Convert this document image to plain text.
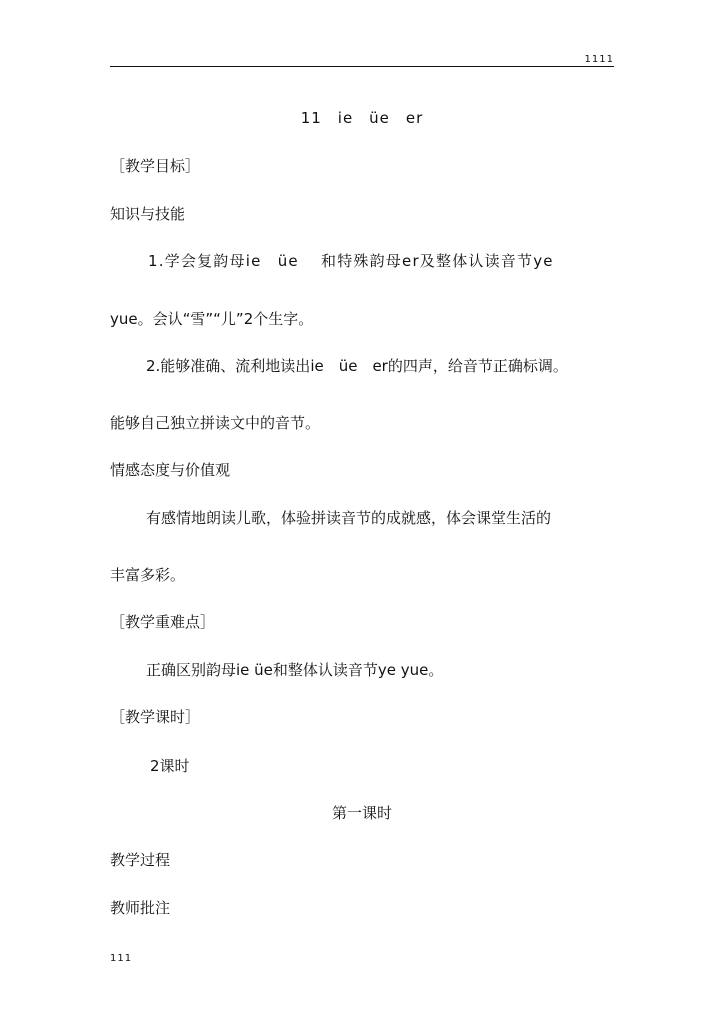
1111
11　ie　üe　er
［教学目标］
知识与技能
1.学会复韵母ie　üe　 和特殊韵母er及整体认读音节ye
yue。会认“雪”“儿”2个生字。
2.能够准确、流利地读出ie　üe　er的四声，给音节正确标调。
能够自己独立拼读文中的音节。
情感态度与价值观
有感情地朗读儿歌，体验拼读音节的成就感，体会课堂生活的
丰富多彩。
［教学重难点］
正确区别韵母ie üe和整体认读音节ye yue。
［教学课时］
2课时
第一课时
教学过程
教师批注
111
